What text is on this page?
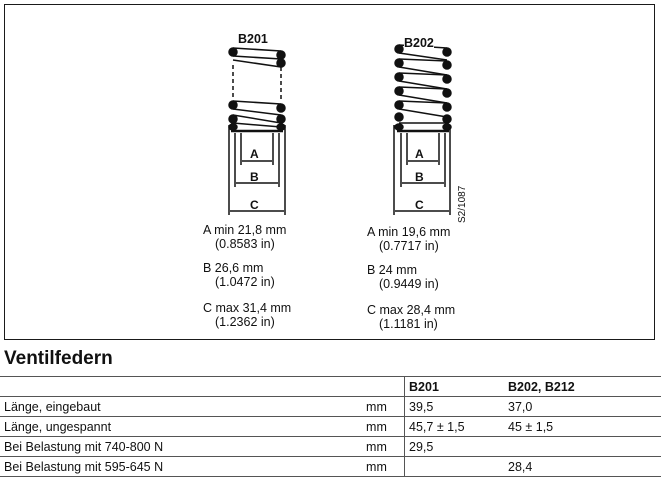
B201	B202
A
B
C
A
B
C
A min 21,8 mm
(0.8583 in)
B 26,6 mm
(1.0472 in)
C max 31,4 mm
(1.2362 in)
A min 19,6 mm
(0.7717 in)
B 24 mm
(0.9449 in)
C max 28,4 mm
(1.1181 in)
S2/1087
Ventilfedern
		B201	B202, B212
Länge, eingebaut	mm	39,5	37,0
Länge, ungespannt	mm	45,7 ± 1,5	45 ± 1,5
Bei Belastung mit 740-800 N	mm	29,5	
Bei Belastung mit 595-645 N	mm		28,4
